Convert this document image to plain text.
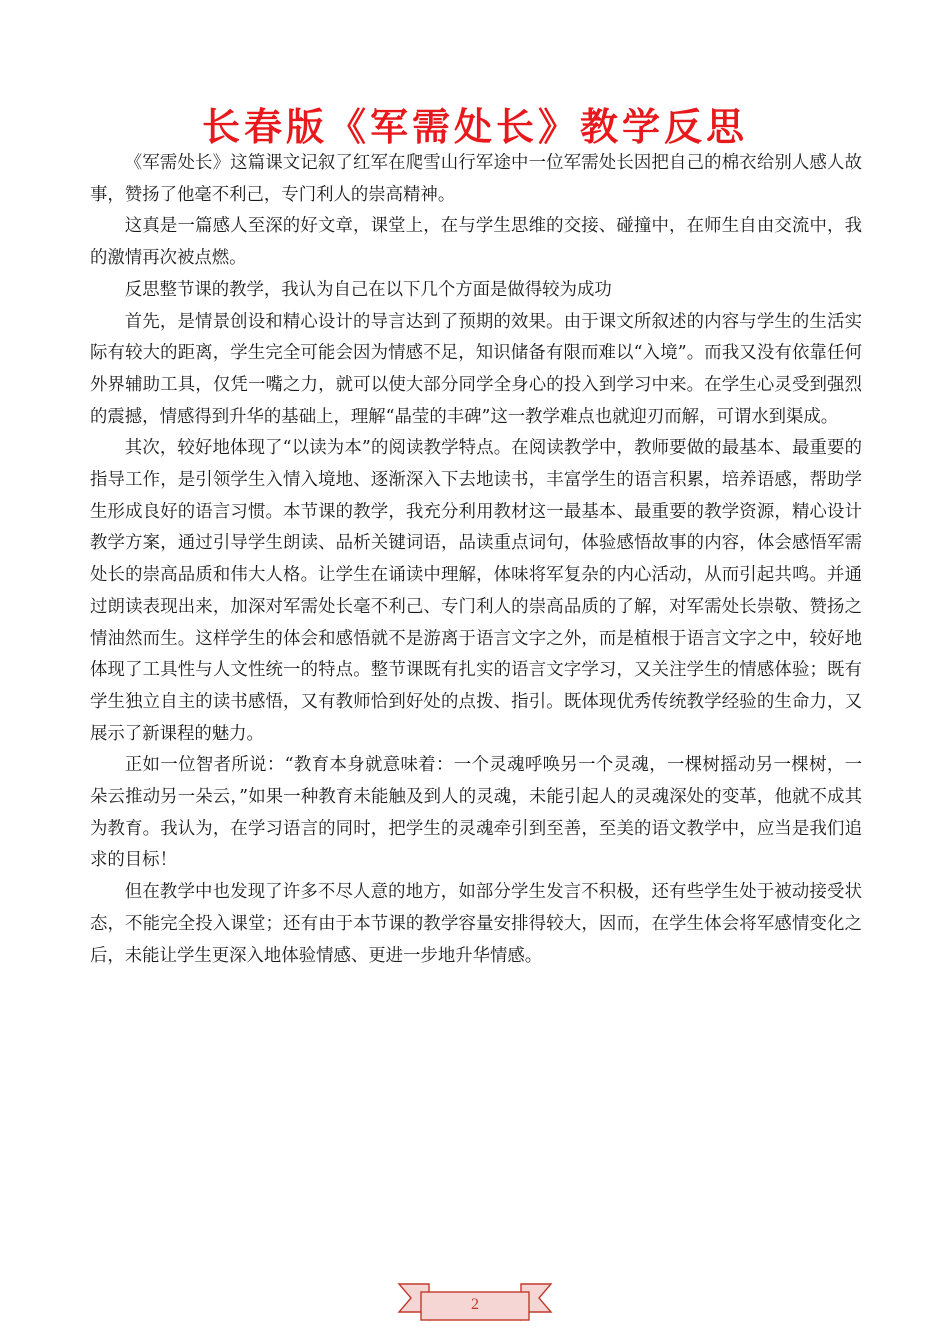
长春版《军需处长》教学反思

《军需处长》这篇课文记叙了红军在爬雪山行军途中一位军需处长因把自己的棉衣给别人感人故事，赞扬了他毫不利己，专门利人的崇高精神。

这真是一篇感人至深的好文章，课堂上，在与学生思维的交接、碰撞中，在师生自由交流中，我的激情再次被点燃。

反思整节课的教学，我认为自己在以下几个方面是做得较为成功

首先，是情景创设和精心设计的导言达到了预期的效果。由于课文所叙述的内容与学生的生活实际有较大的距离，学生完全可能会因为情感不足，知识储备有限而难以“入境”。而我又没有依靠任何外界辅助工具，仅凭一嘴之力，就可以使大部分同学全身心的投入到学习中来。在学生心灵受到强烈的震撼，情感得到升华的基础上，理解“晶莹的丰碑”这一教学难点也就迎刃而解，可谓水到渠成。

其次，较好地体现了“以读为本”的阅读教学特点。在阅读教学中，教师要做的最基本、最重要的指导工作，是引领学生入情入境地、逐渐深入下去地读书，丰富学生的语言积累，培养语感，帮助学生形成良好的语言习惯。本节课的教学，我充分利用教材这一最基本、最重要的教学资源，精心设计教学方案，通过引导学生朗读、品析关键词语，品读重点词句，体验感悟故事的内容，体会感悟军需处长的崇高品质和伟大人格。让学生在诵读中理解，体味将军复杂的内心活动，从而引起共鸣。并通过朗读表现出来，加深对军需处长毫不利己、专门利人的崇高品质的了解，对军需处长崇敬、赞扬之情油然而生。这样学生的体会和感悟就不是游离于语言文字之外，而是植根于语言文字之中，较好地体现了工具性与人文性统一的特点。整节课既有扎实的语言文字学习，又关注学生的情感体验；既有学生独立自主的读书感悟，又有教师恰到好处的点拨、指引。既体现优秀传统教学经验的生命力，又展示了新课程的魅力。

正如一位智者所说：“教育本身就意味着：一个灵魂呼唤另一个灵魂，一棵树摇动另一棵树，一朵云推动另一朵云，”如果一种教育未能触及到人的灵魂，未能引起人的灵魂深处的变革，他就不成其为教育。我认为，在学习语言的同时，把学生的灵魂牵引到至善，至美的语文教学中，应当是我们追求的目标！

但在教学中也发现了许多不尽人意的地方，如部分学生发言不积极，还有些学生处于被动接受状态，不能完全投入课堂；还有由于本节课的教学容量安排得较大，因而，在学生体会将军感情变化之后，未能让学生更深入地体验情感、更进一步地升华情感。

2
